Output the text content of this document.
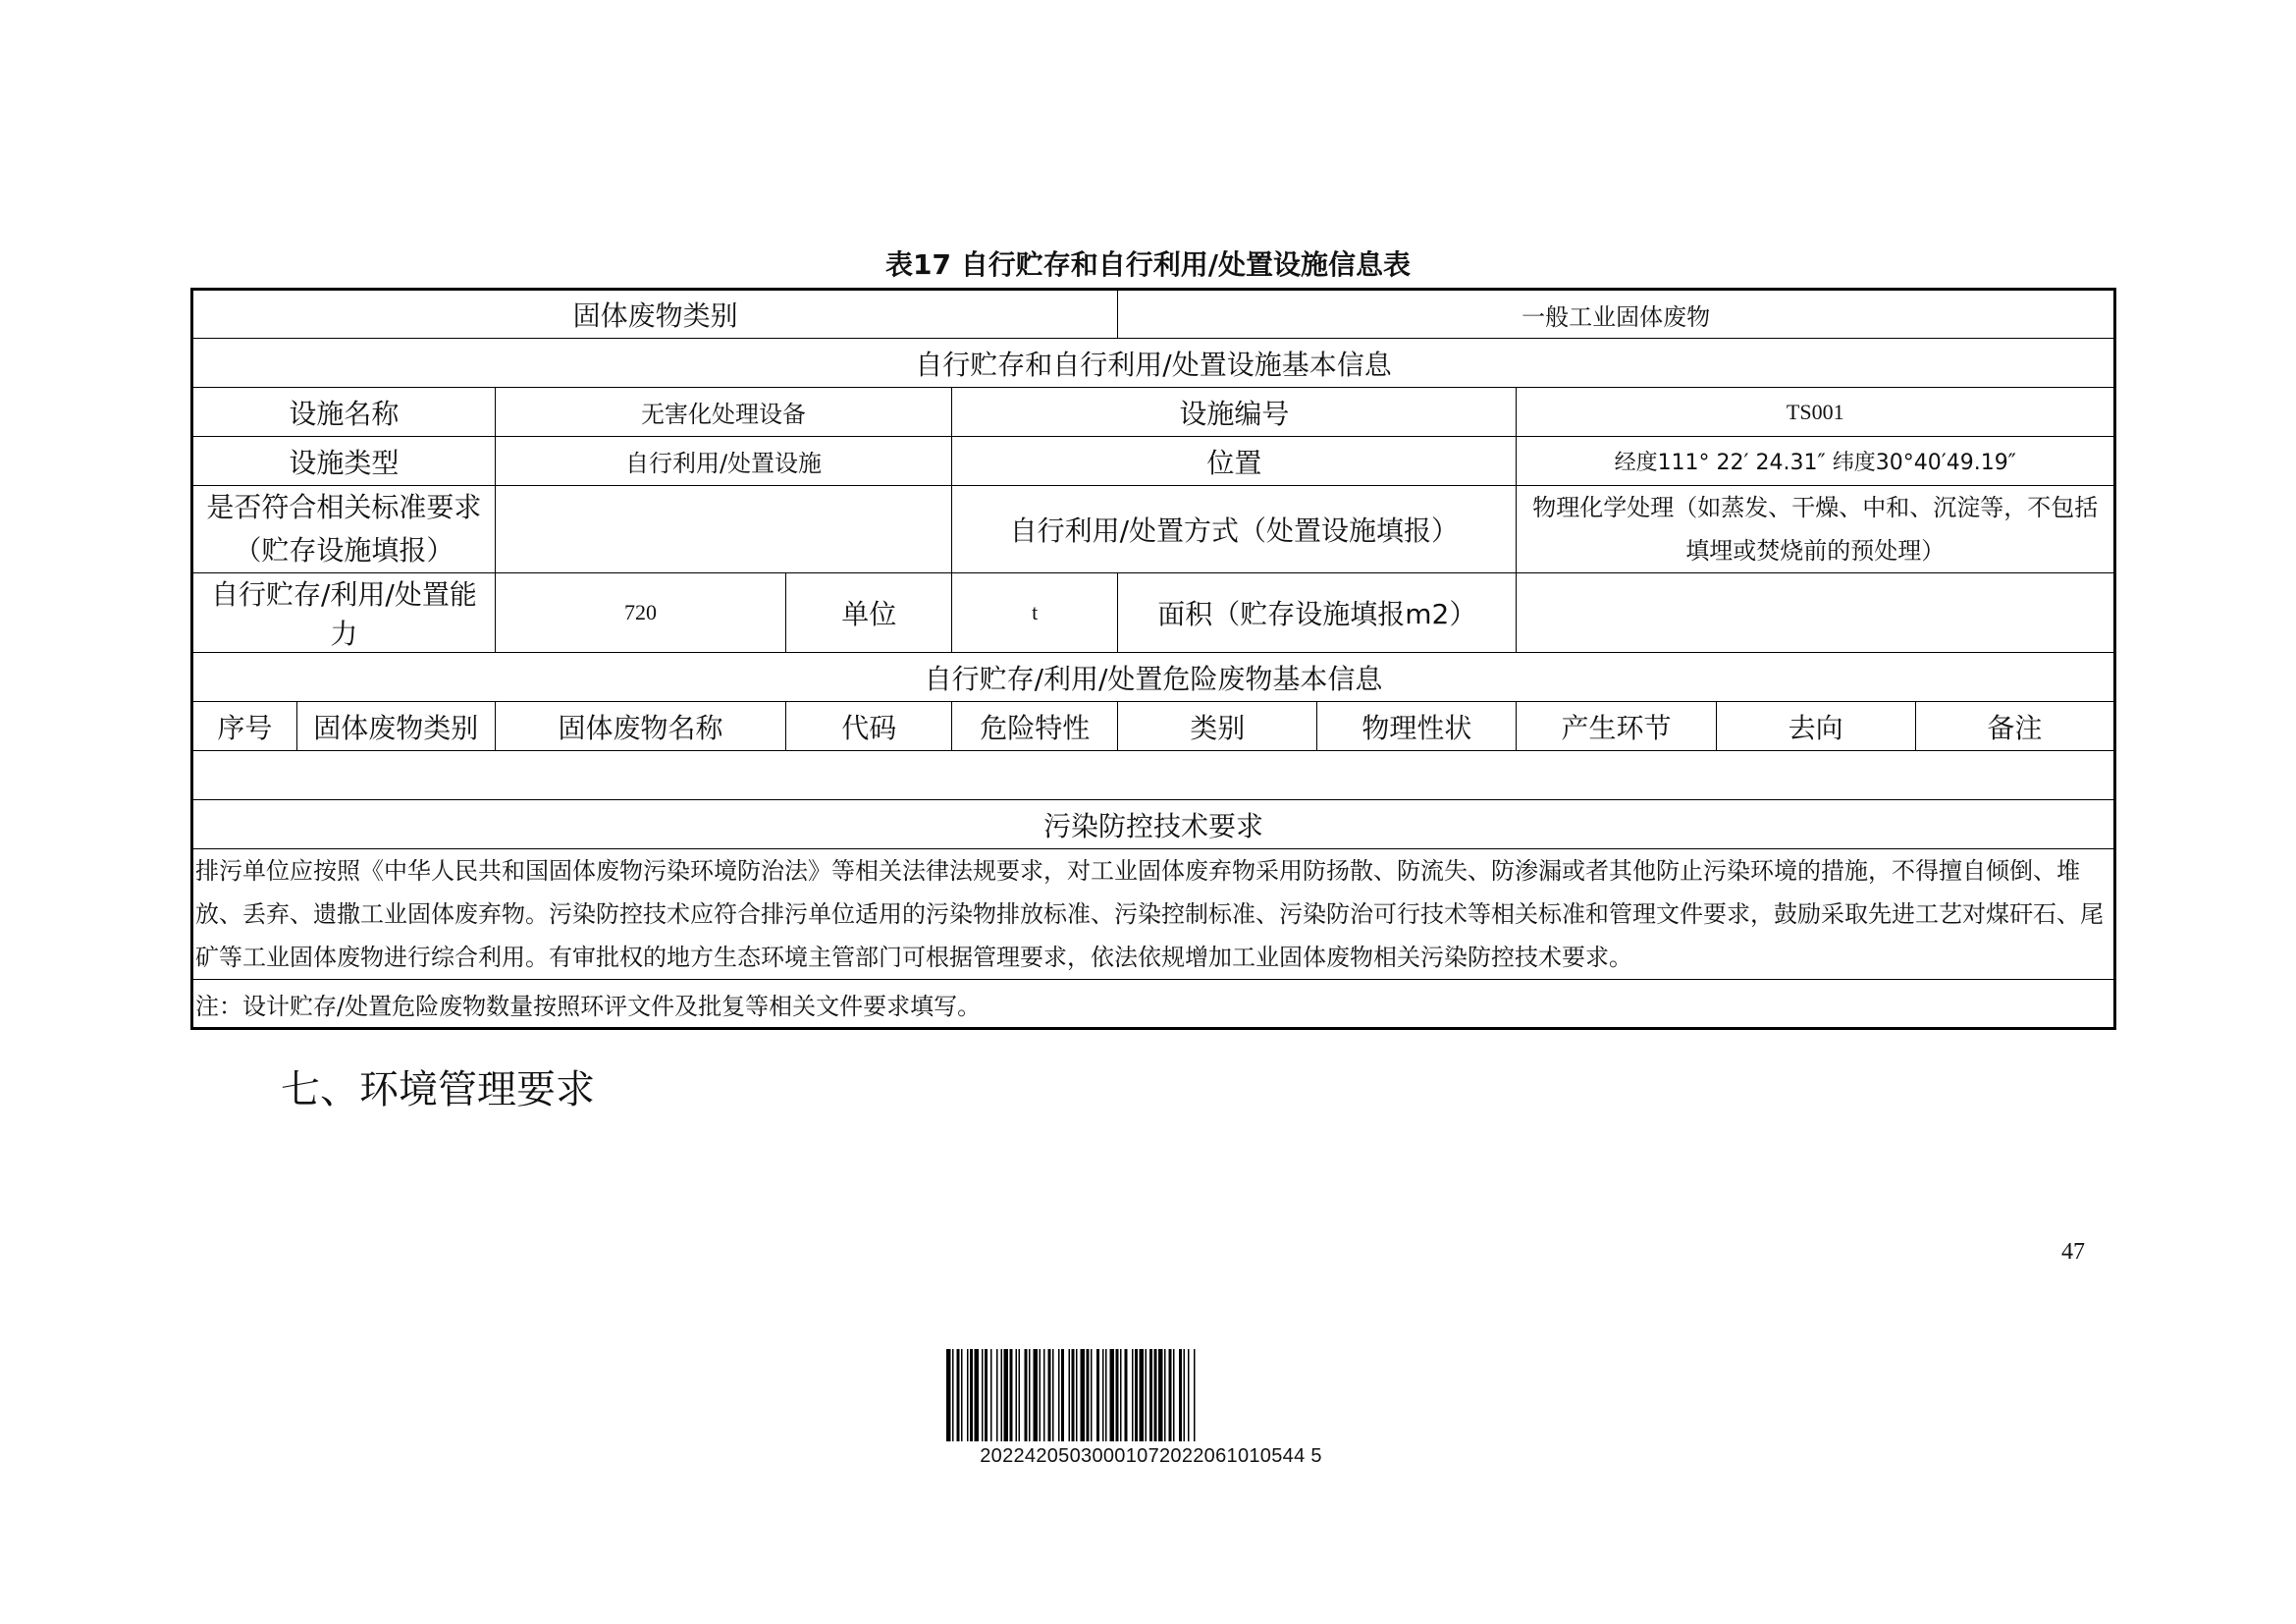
表17 自行贮存和自行利用/处置设施信息表
固体废物类别					一般工业固体废物				
自行贮存和自行利用/处置设施基本信息									
设施名称		无害化处理设备		设施编号			TS001		
设施类型		自行利用/处置设施		位置			经度111° 22′ 24.31″ 纬度30°40′49.19″		
是否符合相关标准要求（贮存设施填报）				自行利用/处置方式（处置设施填报）			物理化学处理（如蒸发、干燥、中和、沉淀等，不包括填埋或焚烧前的预处理）		
自行贮存/利用/处置能力		720	单位	t	面积（贮存设施填报m2）				
自行贮存/利用/处置危险废物基本信息									
序号	固体废物类别	固体废物名称	代码	危险特性	类别	物理性状	产生环节	去向	备注

污染防控技术要求									
排污单位应按照《中华人民共和国固体废物污染环境防治法》等相关法律法规要求，对工业固体废弃物采用防扬散、防流失、防渗漏或者其他防止污染环境的措施，不得擅自倾倒、堆放、丢弃、遗撒工业固体废弃物。污染防控技术应符合排污单位适用的污染物排放标准、污染控制标准、污染防治可行技术等相关标准和管理文件要求，鼓励采取先进工艺对煤矸石、尾矿等工业固体废物进行综合利用。有审批权的地方生态环境主管部门可根据管理要求，依法依规增加工业固体废物相关污染防控技术要求。									
注：设计贮存/处置危险废物数量按照环评文件及批复等相关文件要求填写。									
七、环境管理要求
47
20224205030001072022061010544 5
